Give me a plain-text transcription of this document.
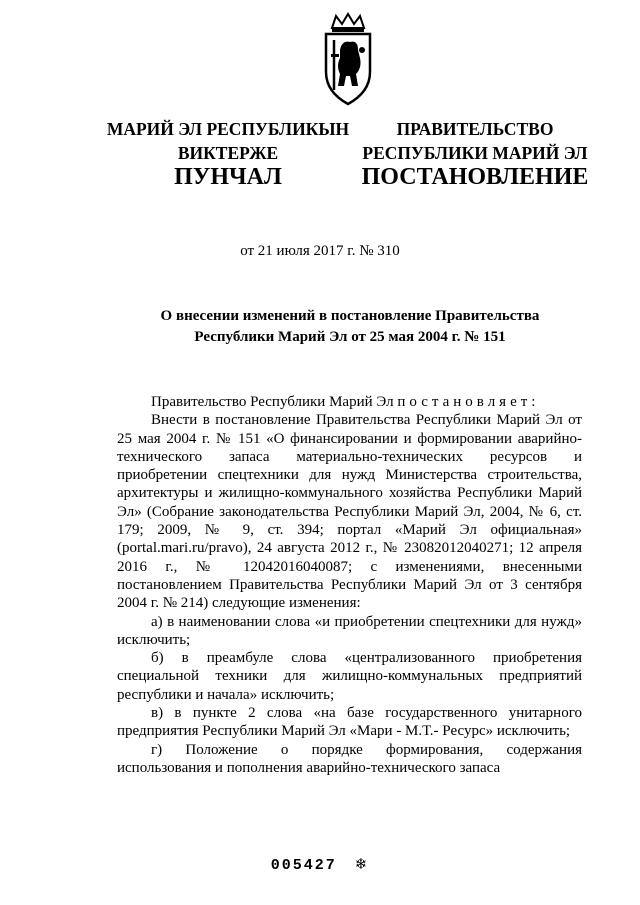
МАРИЙ ЭЛ РЕСПУБЛИКЫН
ВИКТЕРЖЕ
ПРАВИТЕЛЬСТВО
РЕСПУБЛИКИ МАРИЙ ЭЛ
ПУНЧАЛ	ПОСТАНОВЛЕНИЕ
от 21 июля 2017 г. № 310
О внесении изменений в постановление Правительства Республики Марий Эл от 25 мая 2004 г. № 151

Правительство Республики Марий Эл постановляет:

Внести в постановление Правительства Республики Марий Эл от 25 мая 2004 г. № 151 «О финансировании и формировании аварийно-технического запаса материально-технических ресурсов и приобретении спецтехники для нужд Министерства строительства, архитектуры и жилищно-коммунального хозяйства Республики Марий Эл» (Собрание законодательства Республики Марий Эл, 2004, № 6, ст. 179; 2009, № 9, ст. 394; портал «Марий Эл официальная» (portal.mari.ru/pravo), 24 августа 2012 г., № 23082012040271; 12 апреля 2016 г., № 12042016040087; с изменениями, внесенными постановлением Правительства Республики Марий Эл от 3 сентября 2004 г. № 214) следующие изменения:

а) в наименовании слова «и приобретении спецтехники для нужд» исключить;

б) в преамбуле слова «централизованного приобретения специальной техники для жилищно-коммунальных предприятий республики и начала» исключить;

в) в пункте 2 слова «на базе государственного унитарного предприятия Республики Марий Эл «Мари - М.Т.- Ресурс» исключить;

г) Положение о порядке формирования, содержания использования и пополнения аварийно-технического запаса

005427 ❄
